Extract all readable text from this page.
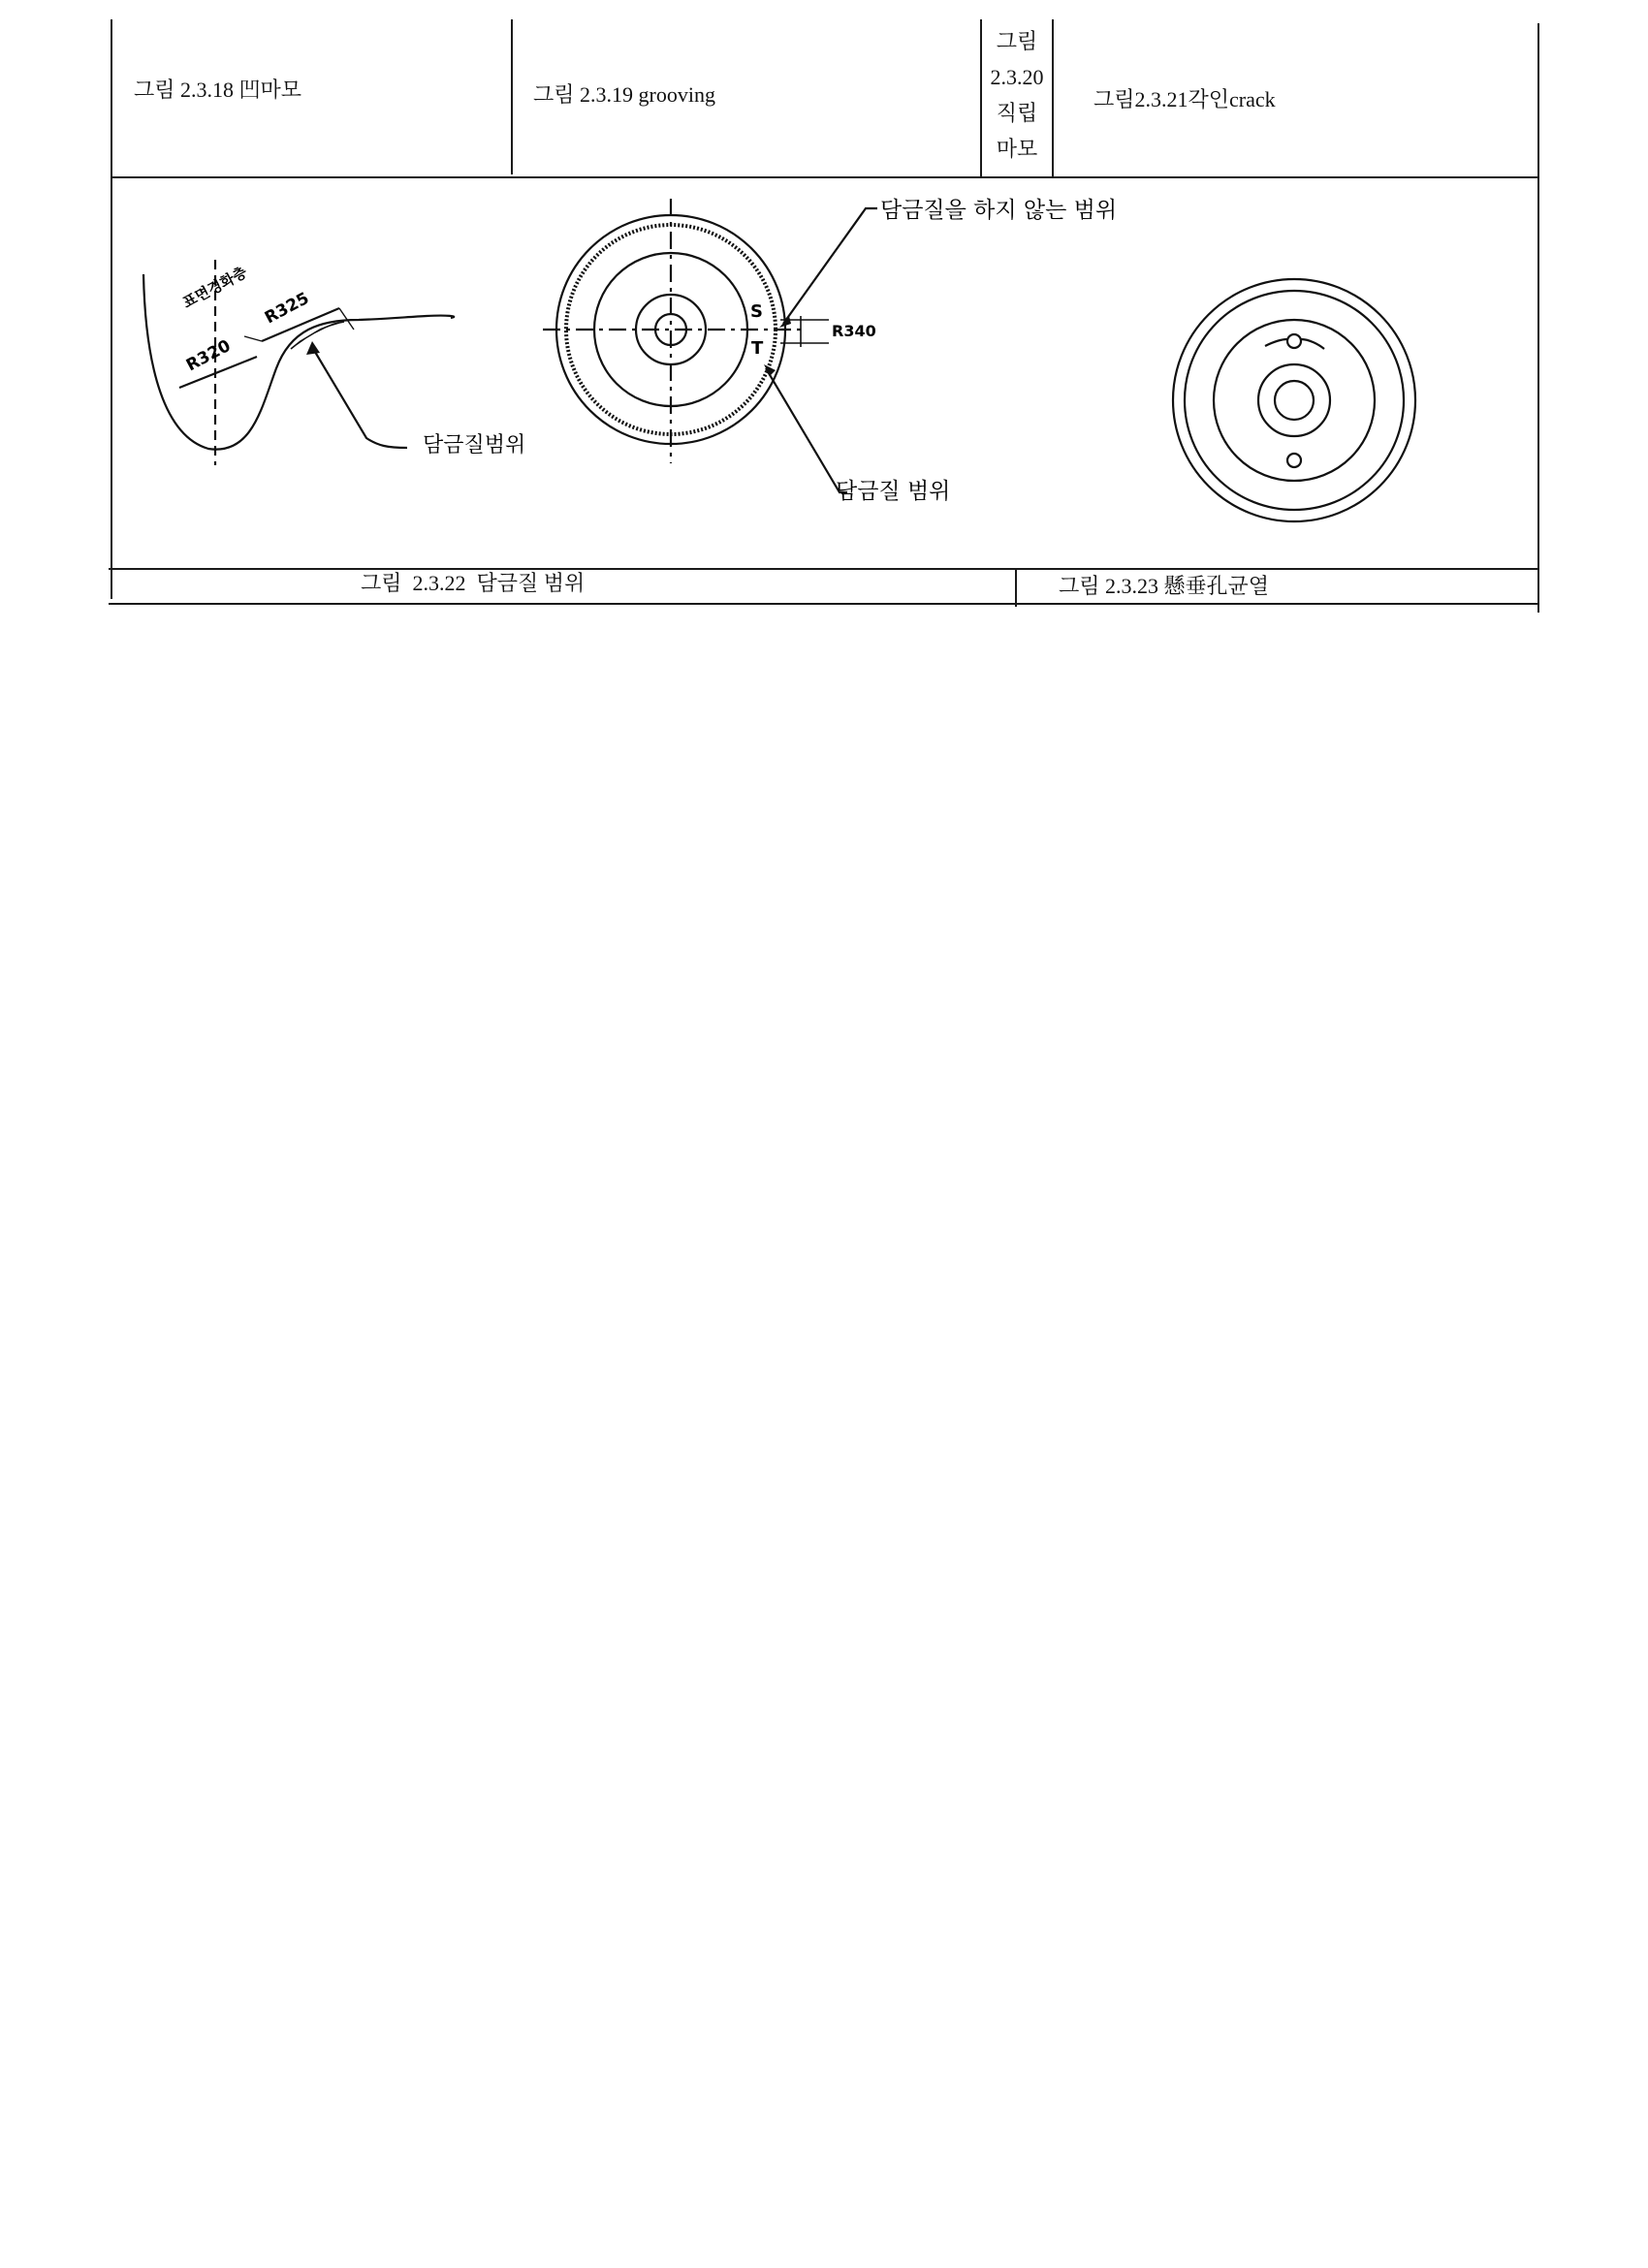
그림 2.3.18 凹마모	그림 2.3.19 grooving
그림
2.3.20
직립
마모
그림2.3.21각인crack
R320
R325
표면경화층
담금질범위
S
T
R340
담금질을 하지 않는 범위
담금질 범위
그림  2.3.22  담금질 범위	그림 2.3.23 懸垂孔균열
